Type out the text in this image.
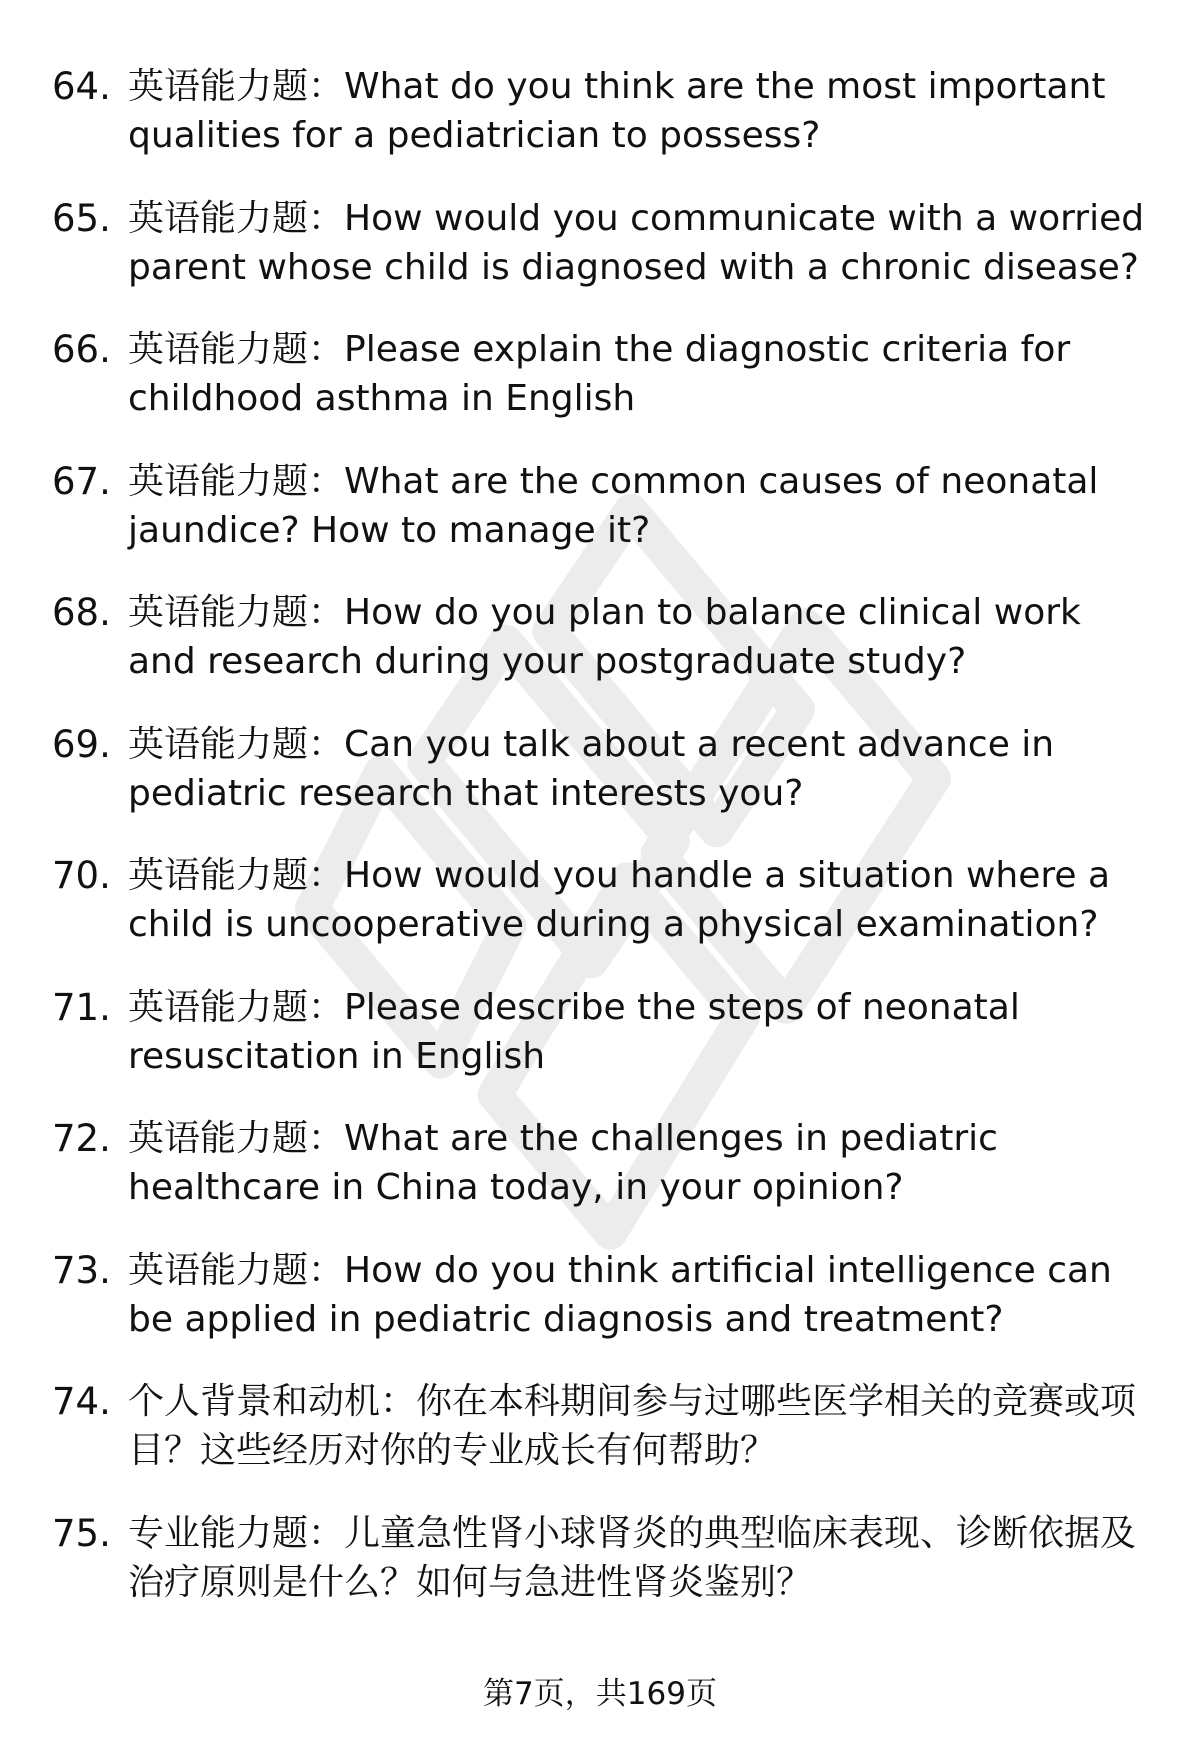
64. 英语能力题：What do you think are the most important qualities for a pediatrician to possess?
65. 英语能力题：How would you communicate with a worried parent whose child is diagnosed with a chronic disease?
66. 英语能力题：Please explain the diagnostic criteria for childhood asthma in English
67. 英语能力题：What are the common causes of neonatal jaundice? How to manage it?
68. 英语能力题：How do you plan to balance clinical work and research during your postgraduate study?
69. 英语能力题：Can you talk about a recent advance in pediatric research that interests you?
70. 英语能力题：How would you handle a situation where a child is uncooperative during a physical examination?
71. 英语能力题：Please describe the steps of neonatal resuscitation in English
72. 英语能力题：What are the challenges in pediatric healthcare in China today, in your opinion?
73. 英语能力题：How do you think artificial intelligence can be applied in pediatric diagnosis and treatment?
74. 个人背景和动机：你在本科期间参与过哪些医学相关的竞赛或项目？这些经历对你的专业成长有何帮助？
75. 专业能力题：儿童急性肾小球肾炎的典型临床表现、诊断依据及治疗原则是什么？如何与急进性肾炎鉴别？
第7页，共169页
